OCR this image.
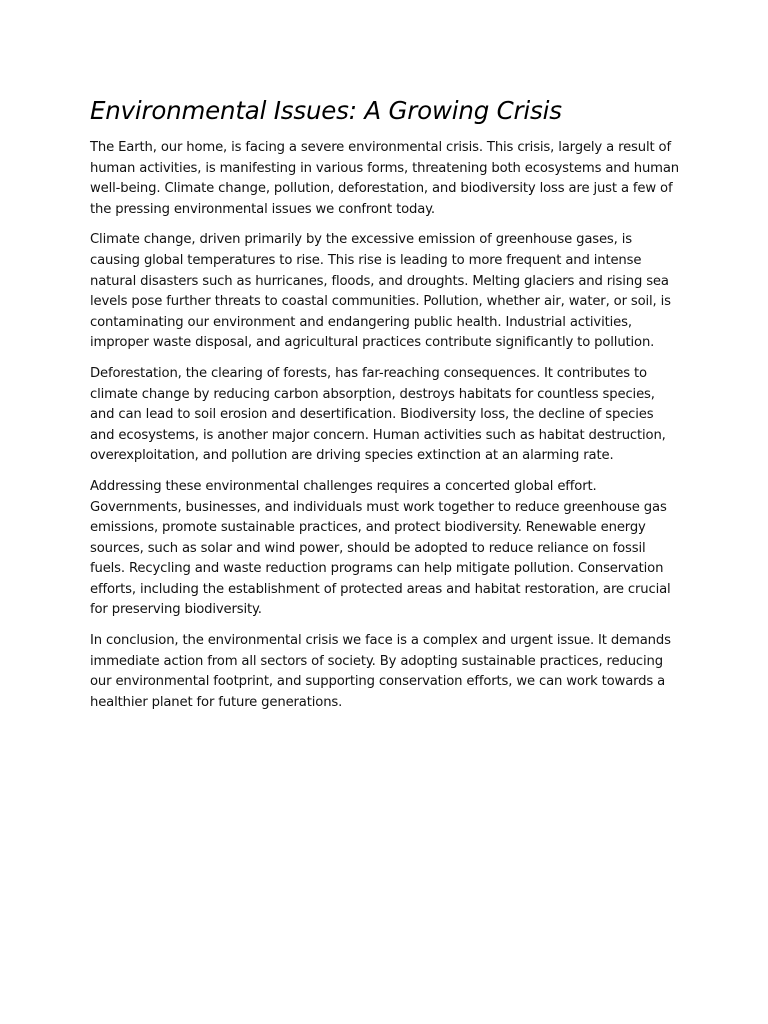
Environmental Issues: A Growing Crisis

The Earth, our home, is facing a severe environmental crisis. This crisis, largely a result of human activities, is manifesting in various forms, threatening both ecosystems and human well-being. Climate change, pollution, deforestation, and biodiversity loss are just a few of the pressing environmental issues we confront today.

Climate change, driven primarily by the excessive emission of greenhouse gases, is causing global temperatures to rise. This rise is leading to more frequent and intense natural disasters such as hurricanes, floods, and droughts. Melting glaciers and rising sea levels pose further threats to coastal communities. Pollution, whether air, water, or soil, is contaminating our environment and endangering public health. Industrial activities, improper waste disposal, and agricultural practices contribute significantly to pollution.

Deforestation, the clearing of forests, has far-reaching consequences. It contributes to climate change by reducing carbon absorption, destroys habitats for countless species, and can lead to soil erosion and desertification. Biodiversity loss, the decline of species and ecosystems, is another major concern. Human activities such as habitat destruction, overexploitation, and pollution are driving species extinction at an alarming rate.

Addressing these environmental challenges requires a concerted global effort. Governments, businesses, and individuals must work together to reduce greenhouse gas emissions, promote sustainable practices, and protect biodiversity. Renewable energy sources, such as solar and wind power, should be adopted to reduce reliance on fossil fuels. Recycling and waste reduction programs can help mitigate pollution. Conservation efforts, including the establishment of protected areas and habitat restoration, are crucial for preserving biodiversity.

In conclusion, the environmental crisis we face is a complex and urgent issue. It demands immediate action from all sectors of society. By adopting sustainable practices, reducing our environmental footprint, and supporting conservation efforts, we can work towards a healthier planet for future generations.
